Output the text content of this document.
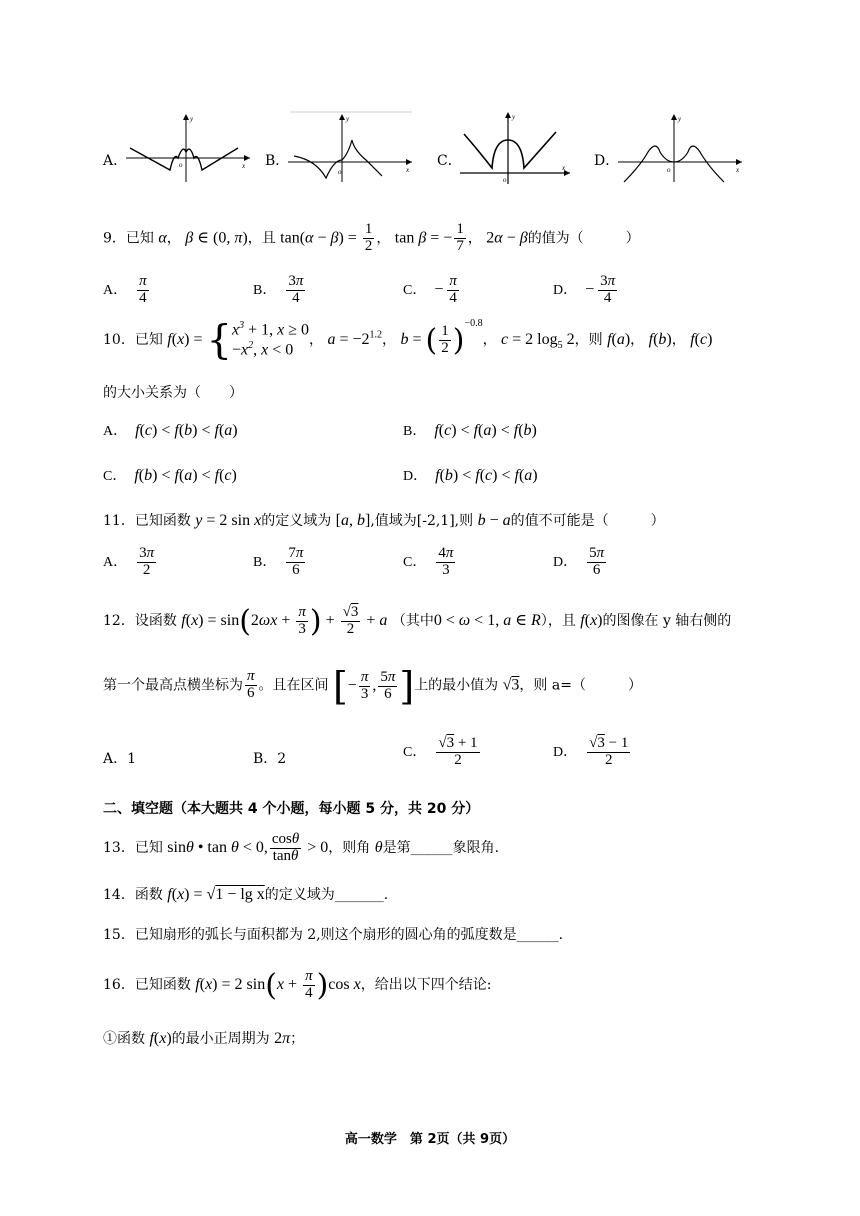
A．
y
o	x B．
o	x
y
C．
y
o
x D．
y
o	x
9．已知 α， β ∈ (0, π)，且 $\tan(\alpha - \beta) = \frac{1}{2}$ ， tan β = − $\frac{1}{7}$ ， 2α − β的值为（　　　）
A． $\frac{\pi}{4}$	B． $\frac{3\pi}{4}$	C． − $\frac{\pi}{4}$	D． − $\frac{3\pi}{4}$
10．已知 f(x) = { $x^3 + 1$, x ≥ 0
$-x^2$, x < 0
， $a = -2^{1.2}$， b = ( $\frac{1}{2} )^{-0.8}$， c = 2 $\log_5 2$，则 f(a)， f(b)， f(c)
的大小关系为（　　）
A． f(c) < f(b) < f(a)	B． f(c) < f(a) < f(b)
C． f(b) < f(a) < f(c)	D． f(b) < f(c) < f(a)
11．已知函数 y = 2 sin x的定义域为 [a, b],值域为[-2,1],则 b − a的值不可能是（　　　）
A． $\frac{3\pi}{2}$	B． $\frac{7\pi}{6}$	C． $\frac{4\pi}{3}$	D． $\frac{5\pi}{6}$
12．设函数 $f(x) = \sin(2\omega x + \frac{\pi}{3}$ ) + $\frac{√3}{2} + a$ （其中0 < ω < 1, a ∈ R），且 f(x)的图像在 y 轴右侧的
第一个最高点横坐标为 $\frac{\pi}{6}$ 。且在区间 [− $\frac{\pi}{3}$ , $\frac{5\pi}{6}$ ]上的最小值为 √3，则 a=（　　　）
A．1	B．2	C． $\frac{√3 + 1}{2}$	D． $\frac{√3 - 1}{2}$
二、填空题（本大题共 4 个小题，每小题 5 分，共 20 分）
13．已知 sinθ • tan θ < 0, $\frac{\cos\theta}{\tan\theta} > 0$，则角 θ是第______象限角.
14．函数 f(x) = √1 − lg x的定义域为_______.
15．已知扇形的弧长与面积都为 2,则这个扇形的圆心角的弧度数是______.
16．已知函数 f(x) = 2 $\sin(x + \frac{\pi}{4} )\cos$ x，给出以下四个结论:
①函数 f(x)的最小正周期为 2π；
高一数学　第 2页（共 9页）
